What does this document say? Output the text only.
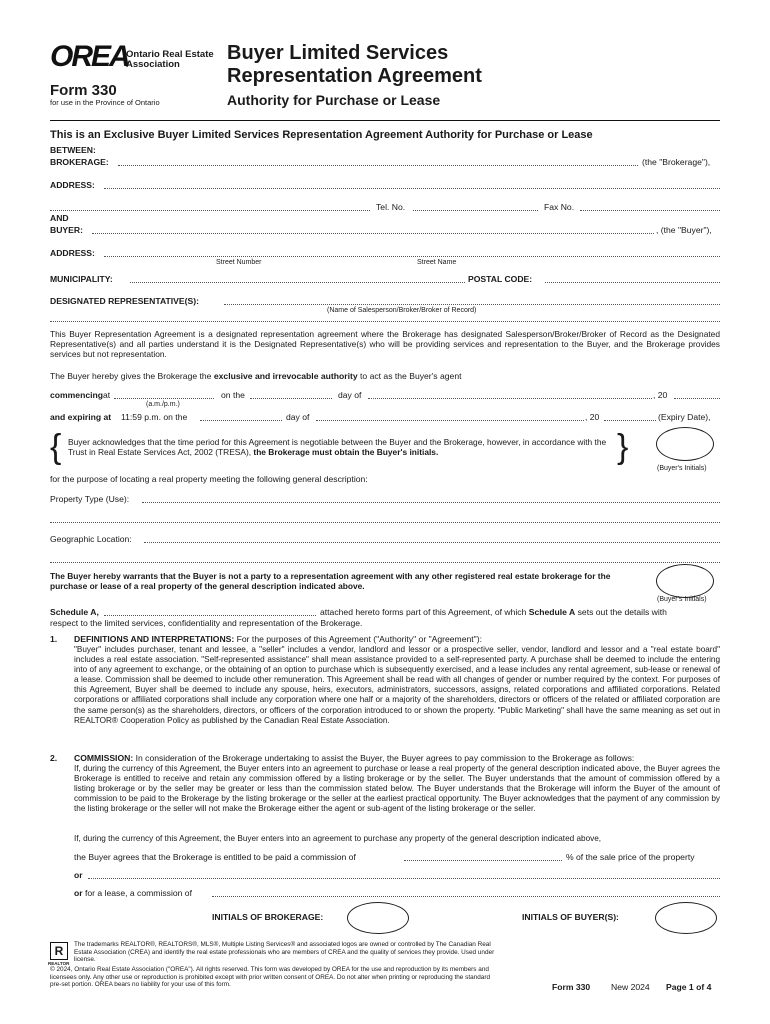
OREA
Ontario Real Estate
Association
Form 330
for use in the Province of Ontario
Buyer Limited Services
Representation Agreement
Authority for Purchase or Lease
This is an Exclusive Buyer Limited Services Representation Agreement Authority for Purchase or Lease
BETWEEN:
BROKERAGE:	(the "Brokerage"),
ADDRESS:
Tel. No.	Fax No.
AND
BUYER:	, (the "Buyer"),
ADDRESS:
Street Number	Street Name
MUNICIPALITY:	POSTAL CODE:
DESIGNATED REPRESENTATIVE(S):
(Name of Salesperson/Broker/Broker of Record)
This Buyer Representation Agreement is a designated representation agreement where the Brokerage has designated Salesperson/Broker/Broker of Record as the Designated Representative(s) and all parties understand it is the Designated Representative(s) who will be providing services and representation to the Buyer, and the Brokerage provides services but not representation.
The Buyer hereby gives the Brokerage the exclusive and irrevocable authority to act as the Buyer's agent
commencing at	on the	day of	, 20
(a.m./p.m.)
and expiring at 11:59 p.m. on the	day of	, 20	(Expiry Date),
{ Buyer acknowledges that the time period for this Agreement is negotiable between the Buyer and the Brokerage, however, in accordance with the Trust in Real Estate Services Act, 2002 (TRESA), the Brokerage must obtain the Buyer's initials.	}
(Buyer's Initials)
for the purpose of locating a real property meeting the following general description:
Property Type (Use):
Geographic Location:
The Buyer hereby warrants that the Buyer is not a party to a representation agreement with any other registered real estate brokerage for the purchase or lease of a real property of the general description indicated above.
(Buyer's Initials)
Schedule A,	attached hereto forms part of this Agreement, of which Schedule A sets out the details with
respect to the limited services, confidentiality and representation of the Brokerage.
1. DEFINITIONS AND INTERPRETATIONS: For the purposes of this Agreement ("Authority" or "Agreement"):
"Buyer" includes purchaser, tenant and lessee, a "seller" includes a vendor, landlord and lessor or a prospective seller, vendor, landlord and lessor and a "real estate board" includes a real estate association. "Self-represented assistance" shall mean assistance provided to a self-represented party. A purchase shall be deemed to include the entering into of any agreement to exchange, or the obtaining of an option to purchase which is subsequently exercised, and a lease includes any rental agreement, sub-lease or renewal of a lease. Commission shall be deemed to include other remuneration. This Agreement shall be read with all changes of gender or number required by the context. For purposes of this Agreement, Buyer shall be deemed to include any spouse, heirs, executors, administrators, successors, assigns, related corporations and affiliated corporations. Related corporations or affiliated corporations shall include any corporation where one half or a majority of the shareholders, directors or officers of the related or affiliated corporation are the same person(s) as the shareholders, directors, or officers of the corporation introduced to or shown the property. "Public Marketing" shall have the same meaning as set out in REALTOR® Cooperation Policy as published by the Canadian Real Estate Association.
2. COMMISSION: In consideration of the Brokerage undertaking to assist the Buyer, the Buyer agrees to pay commission to the Brokerage as follows:
If, during the currency of this Agreement, the Buyer enters into an agreement to purchase or lease a real property of the general description indicated above, the Buyer agrees the Brokerage is entitled to receive and retain any commission offered by a listing brokerage or by the seller. The Buyer understands that the amount of commission offered by a listing brokerage or by the seller may be greater or less than the commission stated below. The Buyer understands that the Brokerage will inform the Buyer of the amount of commission to be paid to the Brokerage by the listing brokerage or the seller at the earliest practical opportunity. The Buyer acknowledges that the payment of any commission by the listing brokerage or the seller will not make the Brokerage either the agent or sub-agent of the listing brokerage or the seller.
If, during the currency of this Agreement, the Buyer enters into an agreement to purchase any property of the general description indicated above,
the Buyer agrees that the Brokerage is entitled to be paid a commission of	% of the sale price of the property
or
or for a lease, a commission of
INITIALS OF BROKERAGE:	INITIALS OF BUYER(S):
R
REALTOR
The trademarks REALTOR®, REALTORS®, MLS®, Multiple Listing Services® and associated logos are owned or controlled by The Canadian Real Estate Association (CREA) and identify the real estate professionals who are members of CREA and the quality of services they provide. Used under license.
© 2024, Ontario Real Estate Association ("OREA"). All rights reserved. This form was developed by OREA for the use and reproduction by its members and licensees only. Any other use or reproduction is prohibited except with prior written consent of OREA. Do not alter when printing or reproducing the standard pre-set portion. OREA bears no liability for your use of this form.	Form 330 New 2024 Page 1 of 4
